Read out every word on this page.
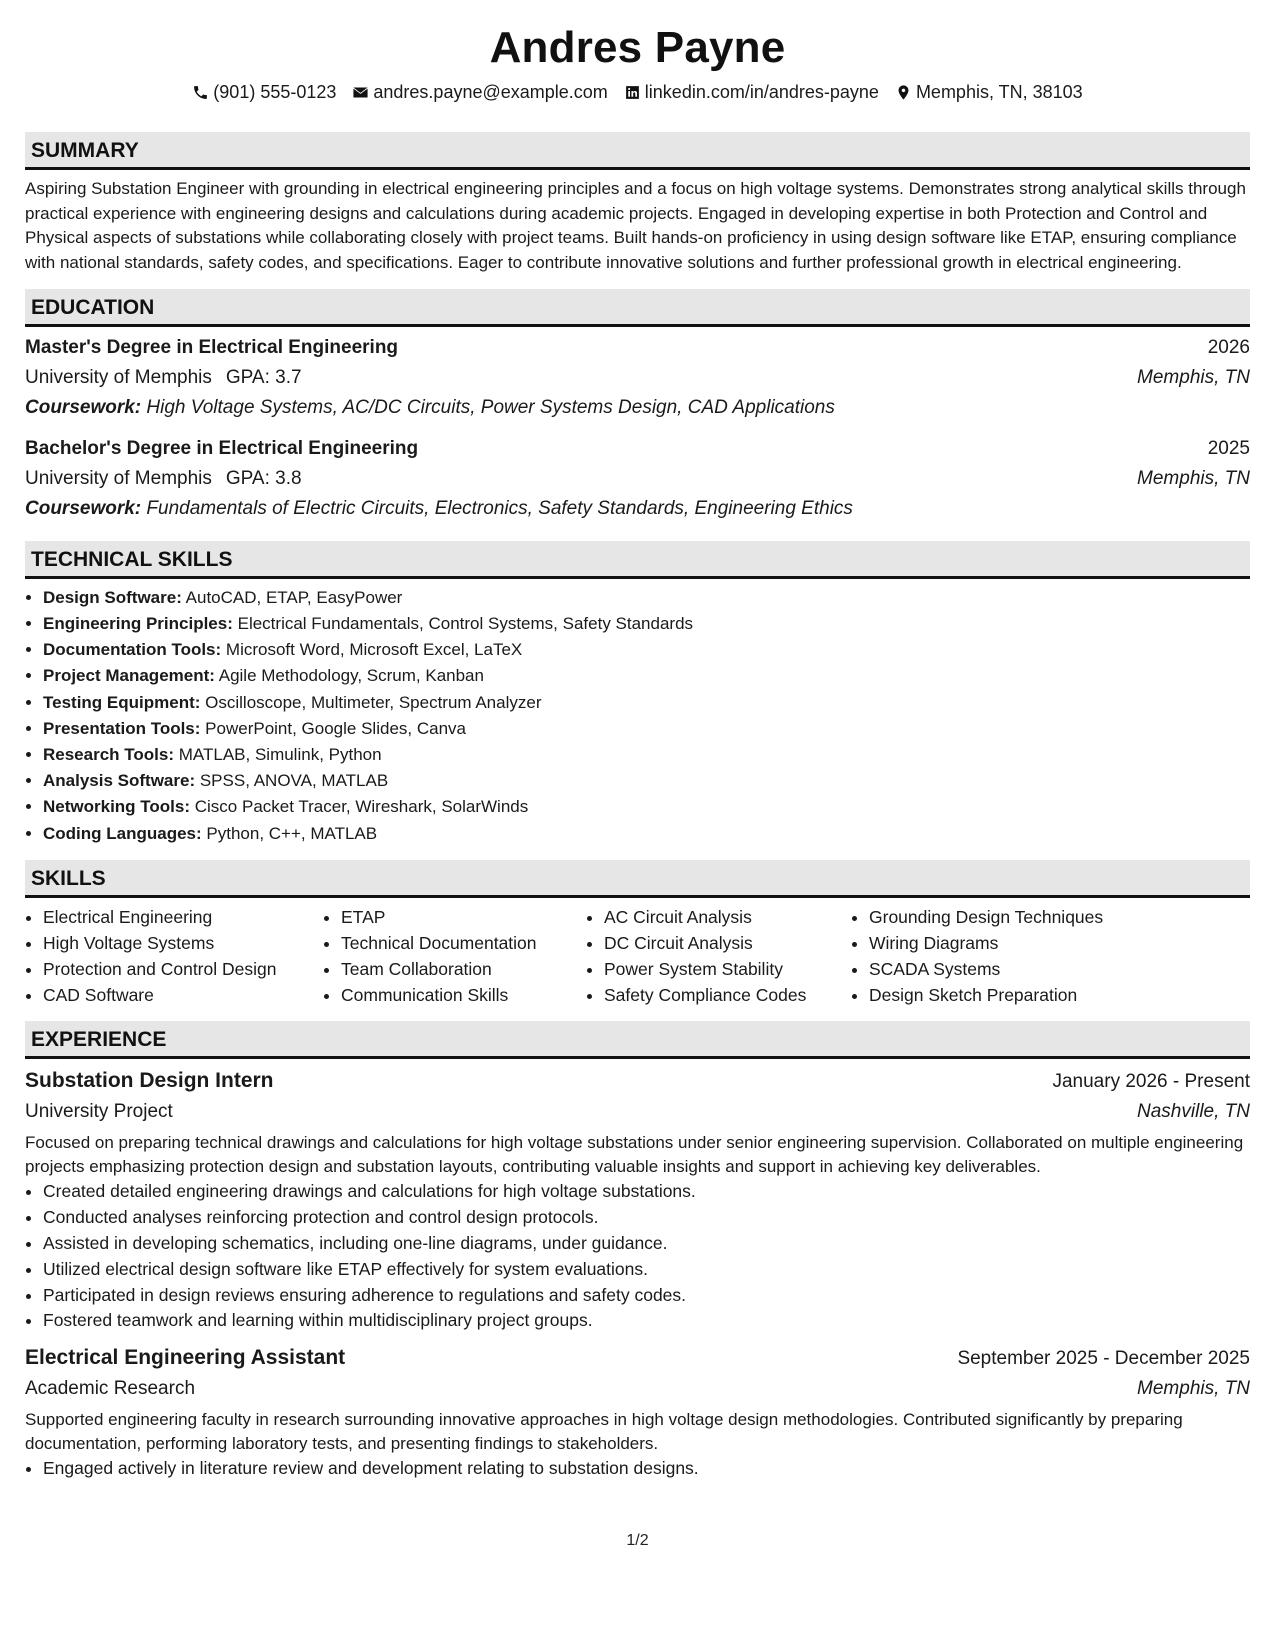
Andres Payne
(901) 555-0123 andres.payne@example.com linkedin.com/in/andres-payne Memphis, TN, 38103
SUMMARY
Aspiring Substation Engineer with grounding in electrical engineering principles and a focus on high voltage systems. Demonstrates strong analytical skills through practical experience with engineering designs and calculations during academic projects. Engaged in developing expertise in both Protection and Control and Physical aspects of substations while collaborating closely with project teams. Built hands-on proficiency in using design software like ETAP, ensuring compliance with national standards, safety codes, and specifications. Eager to contribute innovative solutions and further professional growth in electrical engineering.
EDUCATION
Master's Degree in Electrical Engineering	2026
University of Memphis GPA: 3.7	Memphis, TN
Coursework: High Voltage Systems, AC/DC Circuits, Power Systems Design, CAD Applications
Bachelor's Degree in Electrical Engineering	2025
University of Memphis GPA: 3.8	Memphis, TN
Coursework: Fundamentals of Electric Circuits, Electronics, Safety Standards, Engineering Ethics
TECHNICAL SKILLS
• Design Software: AutoCAD, ETAP, EasyPower
• Engineering Principles: Electrical Fundamentals, Control Systems, Safety Standards
• Documentation Tools: Microsoft Word, Microsoft Excel, LaTeX
• Project Management: Agile Methodology, Scrum, Kanban
• Testing Equipment: Oscilloscope, Multimeter, Spectrum Analyzer
• Presentation Tools: PowerPoint, Google Slides, Canva
• Research Tools: MATLAB, Simulink, Python
• Analysis Software: SPSS, ANOVA, MATLAB
• Networking Tools: Cisco Packet Tracer, Wireshark, SolarWinds
• Coding Languages: Python, C++, MATLAB
SKILLS
• Electrical Engineering
• High Voltage Systems
• Protection and Control Design
• CAD Software
• ETAP
• Technical Documentation
• Team Collaboration
• Communication Skills
• AC Circuit Analysis
• DC Circuit Analysis
• Power System Stability
• Safety Compliance Codes
• Grounding Design Techniques
• Wiring Diagrams
• SCADA Systems
• Design Sketch Preparation
EXPERIENCE
Substation Design Intern	January 2026 - Present
University Project	Nashville, TN
Focused on preparing technical drawings and calculations for high voltage substations under senior engineering supervision. Collaborated on multiple engineering projects emphasizing protection design and substation layouts, contributing valuable insights and support in achieving key deliverables.
• Created detailed engineering drawings and calculations for high voltage substations.
• Conducted analyses reinforcing protection and control design protocols.
• Assisted in developing schematics, including one-line diagrams, under guidance.
• Utilized electrical design software like ETAP effectively for system evaluations.
• Participated in design reviews ensuring adherence to regulations and safety codes.
• Fostered teamwork and learning within multidisciplinary project groups.
Electrical Engineering Assistant	September 2025 - December 2025
Academic Research	Memphis, TN
Supported engineering faculty in research surrounding innovative approaches in high voltage design methodologies. Contributed significantly by preparing documentation, performing laboratory tests, and presenting findings to stakeholders.
• Engaged actively in literature review and development relating to substation designs.
1/2
